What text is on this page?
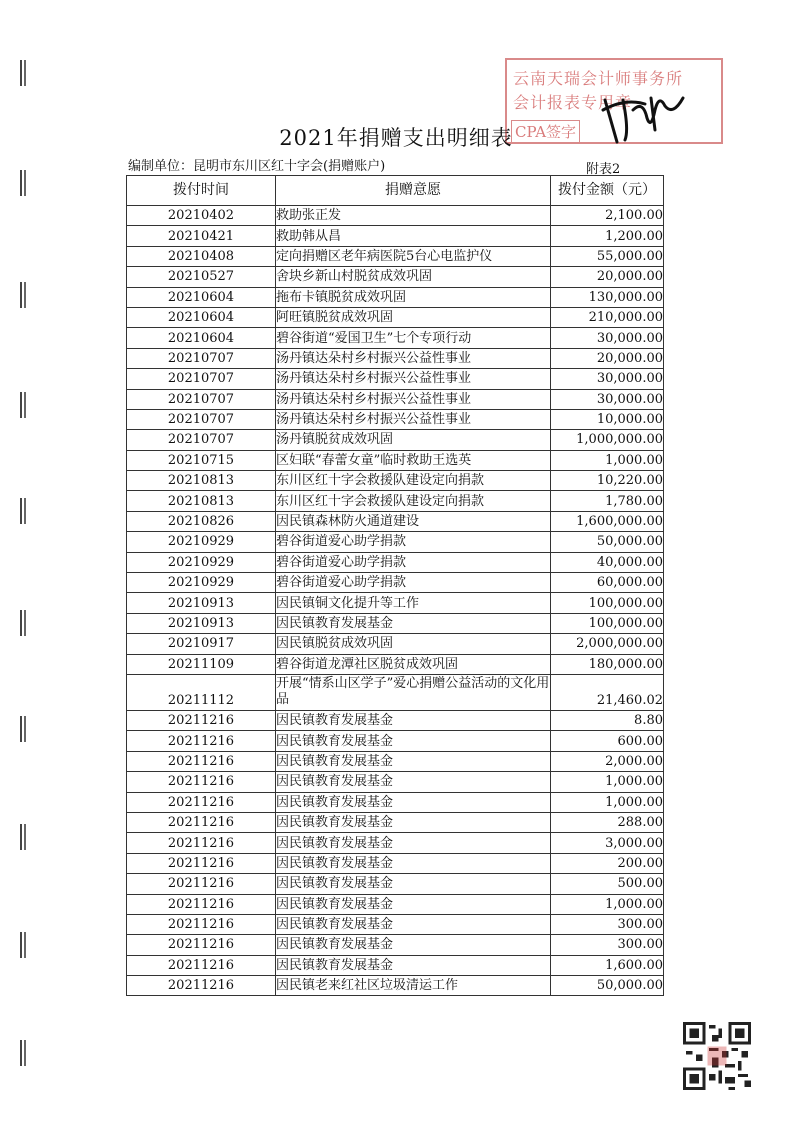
云南天瑞会计师事务所
会计报表专用章
CPA签字
2021年捐赠支出明细表
编制单位：昆明市东川区红十字会(捐赠账户)	附表2
拨付时间	捐赠意愿	拨付金额（元）
20210402	救助张正发	2,100.00
20210421	救助韩从昌	1,200.00
20210408	定向捐赠区老年病医院5台心电监护仪	55,000.00
20210527	舍块乡新山村脱贫成效巩固	20,000.00
20210604	拖布卡镇脱贫成效巩固	130,000.00
20210604	阿旺镇脱贫成效巩固	210,000.00
20210604	碧谷街道“爱国卫生”七个专项行动	30,000.00
20210707	汤丹镇达朵村乡村振兴公益性事业	20,000.00
20210707	汤丹镇达朵村乡村振兴公益性事业	30,000.00
20210707	汤丹镇达朵村乡村振兴公益性事业	30,000.00
20210707	汤丹镇达朵村乡村振兴公益性事业	10,000.00
20210707	汤丹镇脱贫成效巩固	1,000,000.00
20210715	区妇联“春蕾女童”临时救助王选英	1,000.00
20210813	东川区红十字会救援队建设定向捐款	10,220.00
20210813	东川区红十字会救援队建设定向捐款	1,780.00
20210826	因民镇森林防火通道建设	1,600,000.00
20210929	碧谷街道爱心助学捐款	50,000.00
20210929	碧谷街道爱心助学捐款	40,000.00
20210929	碧谷街道爱心助学捐款	60,000.00
20210913	因民镇铜文化提升等工作	100,000.00
20210913	因民镇教育发展基金	100,000.00
20210917	因民镇脱贫成效巩固	2,000,000.00
20211109	碧谷街道龙潭社区脱贫成效巩固	180,000.00
20211112	开展“情系山区学子”爱心捐赠公益活动的文化用品	21,460.02
20211216	因民镇教育发展基金	8.80
20211216	因民镇教育发展基金	600.00
20211216	因民镇教育发展基金	2,000.00
20211216	因民镇教育发展基金	1,000.00
20211216	因民镇教育发展基金	1,000.00
20211216	因民镇教育发展基金	288.00
20211216	因民镇教育发展基金	3,000.00
20211216	因民镇教育发展基金	200.00
20211216	因民镇教育发展基金	500.00
20211216	因民镇教育发展基金	1,000.00
20211216	因民镇教育发展基金	300.00
20211216	因民镇教育发展基金	300.00
20211216	因民镇教育发展基金	1,600.00
20211216	因民镇老来红社区垃圾清运工作	50,000.00
